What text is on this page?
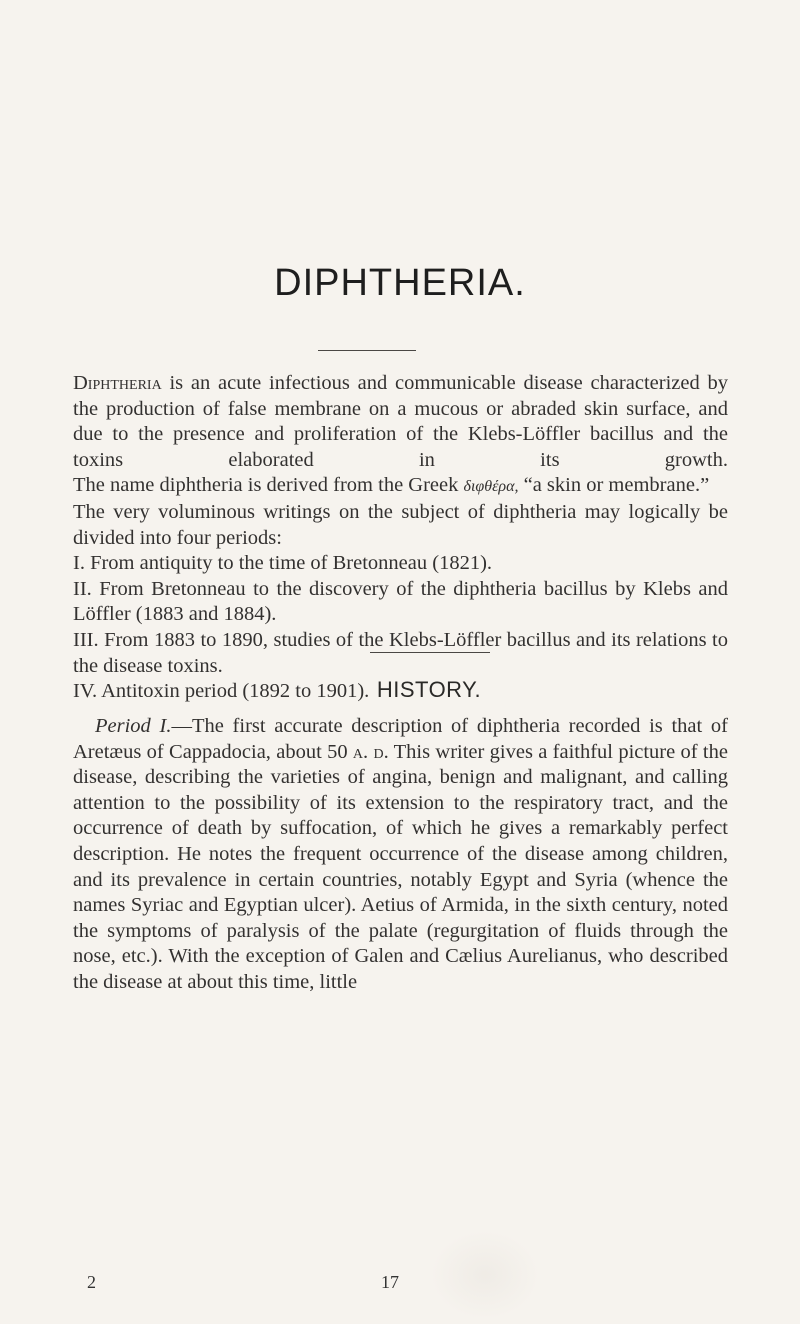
DIPHTHERIA.

Diphtheria is an acute infectious and communicable disease characterized by the production of false membrane on a mucous or abraded skin surface, and due to the presence and proliferation of the Klebs-Löffler bacillus and the toxins elaborated in its growth.

The name diphtheria is derived from the Greek διφθέρα, “a skin or membrane.”

The very voluminous writings on the subject of diphtheria may logically be divided into four periods:

I. From antiquity to the time of Bretonneau (1821).

II. From Bretonneau to the discovery of the diphtheria bacillus by Klebs and Löffler (1883 and 1884).

III. From 1883 to 1890, studies of the Klebs-Löffler bacillus and its relations to the disease toxins.

IV. Antitoxin period (1892 to 1901). HISTORY.

Period I.—The first accurate description of diphtheria recorded is that of Aretæus of Cappadocia, about 50 a. d. This writer gives a faithful picture of the disease, describing the varieties of angina, benign and malignant, and calling attention to the possibility of its extension to the respiratory tract, and the occurrence of death by suffocation, of which he gives a remarkably perfect description. He notes the frequent occurrence of the disease among children, and its prevalence in certain countries, notably Egypt and Syria (whence the names Syriac and Egyptian ulcer). Aetius of Armida, in the sixth century, noted the symptoms of paralysis of the palate (regurgitation of fluids through the nose, etc.). With the exception of Galen and Cælius Aurelianus, who described the disease at about this time, little

2	17
